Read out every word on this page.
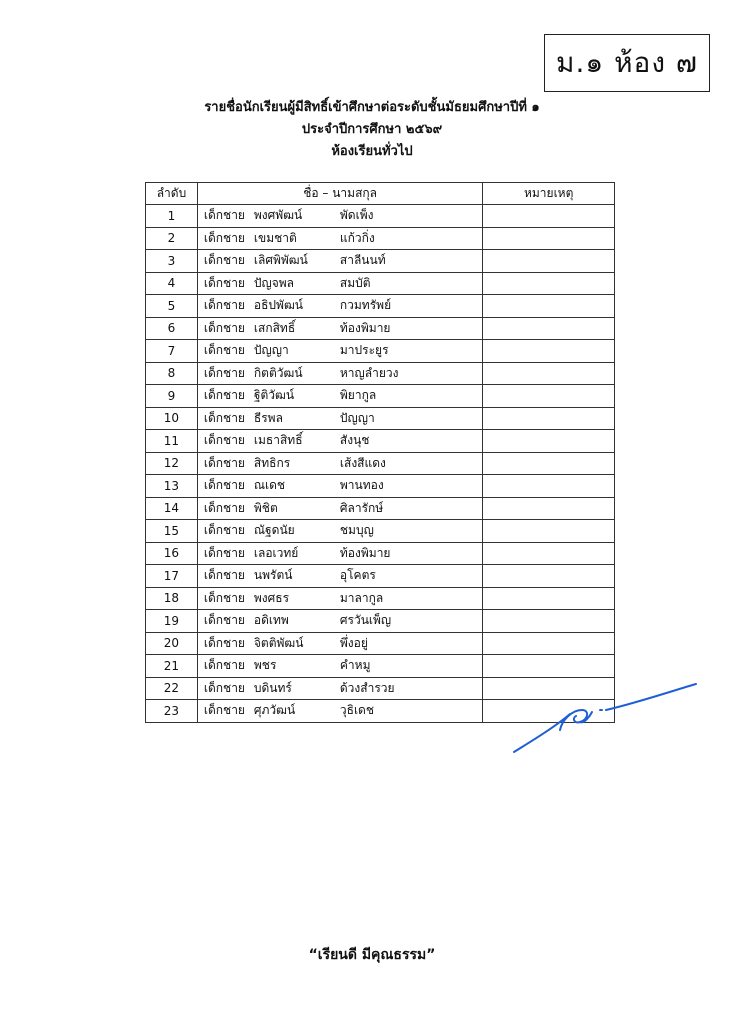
ม.๑ ห้อง ๗
รายชื่อนักเรียนผู้มีสิทธิ์เข้าศึกษาต่อระดับชั้นมัธยมศึกษาปีที่ ๑
ประจำปีการศึกษา ๒๕๖๙
ห้องเรียนทั่วไป
ลำดับ	ชื่อ – นามสกุล	หมายเหตุ
1	เด็กชาย พงศพัฒน์ พัดเพ็ง	

2	เด็กชาย เขมชาติ แก้วกิ่ง	

3	เด็กชาย เลิศพิพัฒน์ สาลีนนท์	

4	เด็กชาย ปัญจพล สมบัติ	

5	เด็กชาย อธิปพัฒน์ กวมทรัพย์	

6	เด็กชาย เสกสิทธิ์ ท้องพิมาย	

7	เด็กชาย ปัญญา มาประยูร	

8	เด็กชาย กิตติวัฒน์ หาญลำยวง	

9	เด็กชาย ฐิติวัฒน์ พิยากูล	

10	เด็กชาย ธีรพล ปัญญา	

11	เด็กชาย เมธาสิทธิ์ สังนุช	

12	เด็กชาย สิทธิกร เส้งสีแดง	

13	เด็กชาย ณเดช พานทอง	

14	เด็กชาย พิชิต ศิลารักษ์	

15	เด็กชาย ณัฐดนัย ชมบุญ	

16	เด็กชาย เลอเวทย์ ท้องพิมาย	

17	เด็กชาย นพรัตน์ อุโคตร	

18	เด็กชาย พงศธร มาลากูล	

19	เด็กชาย อดิเทพ ศรวันเพ็ญ	

20	เด็กชาย จิตติพัฒน์ พึ่งอยู่	

21	เด็กชาย พชร คำหมู	

22	เด็กชาย บดินทร์ ด้วงสำรวย	

23	เด็กชาย ศุภวัฒน์ วุธิเดช	

“เรียนดี มีคุณธรรม”
